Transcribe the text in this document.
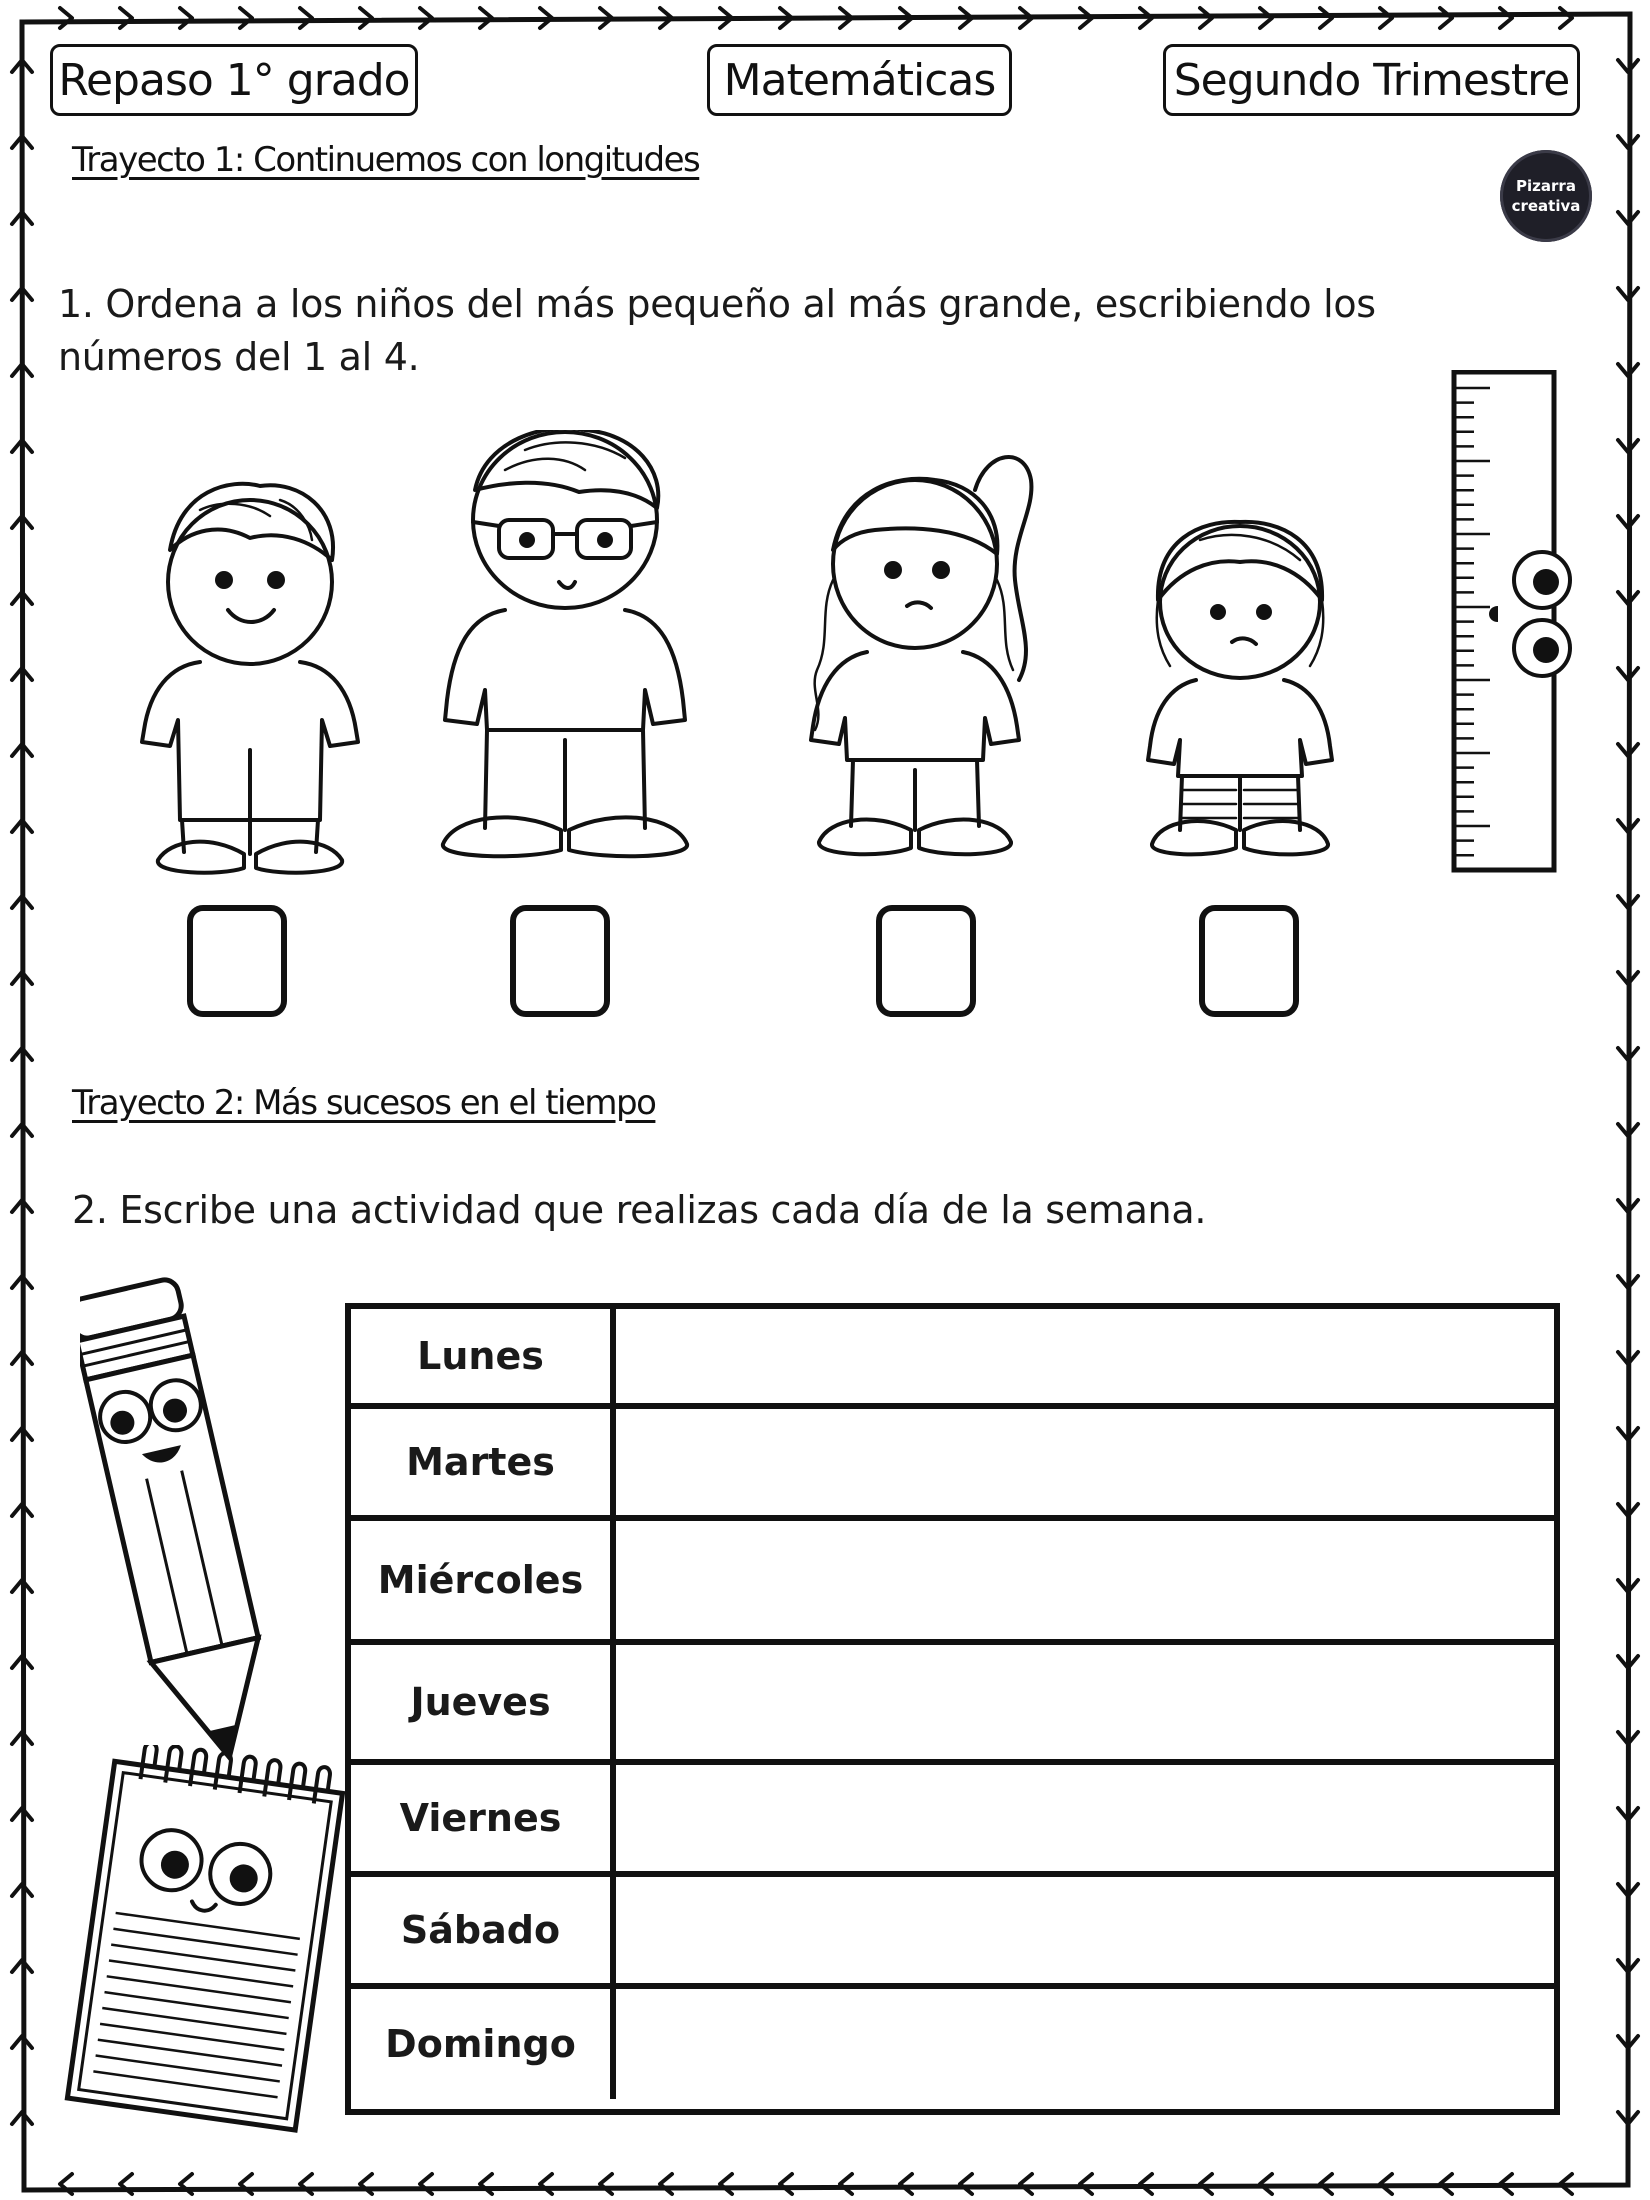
Repaso 1° grado	Matemáticas	Segundo Trimestre
Pizarra
creativa
Trayecto 1: Continuemos con longitudes
1. Ordena a los niños del más pequeño al más grande, escribiendo los números del 1 al 4.
Trayecto 2: Más sucesos en el tiempo
2. Escribe una actividad que realizas cada día de la semana.
Lunes
Martes
Miércoles
Jueves
Viernes
Sábado
Domingo
